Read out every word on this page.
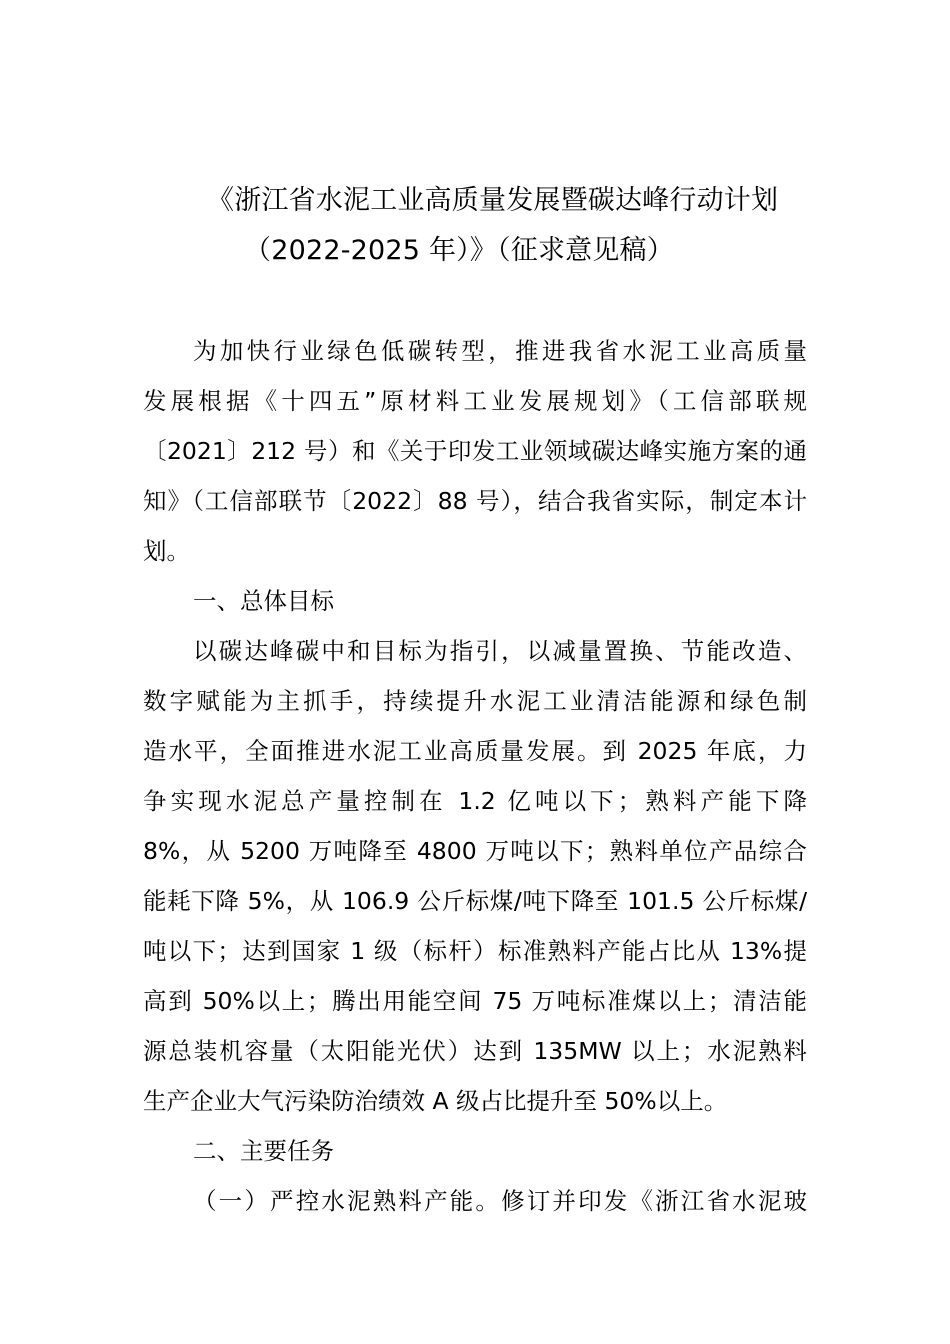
《浙江省水泥工业高质量发展暨碳达峰行动计划
（2022-2025 年）》（征求意见稿）
为加快行业绿色低碳转型，推进我省水泥工业高质量
发展根据《十四五”原材料工业发展规划》（工信部联规
〔2021〕212 号）和《关于印发工业领域碳达峰实施方案的通
知》（工信部联节〔2022〕88 号），结合我省实际，制定本计
划。
一、总体目标
以碳达峰碳中和目标为指引，以减量置换、节能改造、
数字赋能为主抓手，持续提升水泥工业清洁能源和绿色制
造水平，全面推进水泥工业高质量发展。到 2025 年底，力
争实现水泥总产量控制在 1.2 亿吨以下；熟料产能下降
8%，从 5200 万吨降至 4800 万吨以下；熟料单位产品综合
能耗下降 5%，从 106.9 公斤标煤/吨下降至 101.5 公斤标煤/
吨以下；达到国家 1 级（标杆）标准熟料产能占比从 13%提
高到 50%以上；腾出用能空间 75 万吨标准煤以上；清洁能
源总装机容量（太阳能光伏）达到 135MW 以上；水泥熟料
生产企业大气污染防治绩效 A 级占比提升至 50%以上。
二、主要任务
（一）严控水泥熟料产能。修订并印发《浙江省水泥玻
